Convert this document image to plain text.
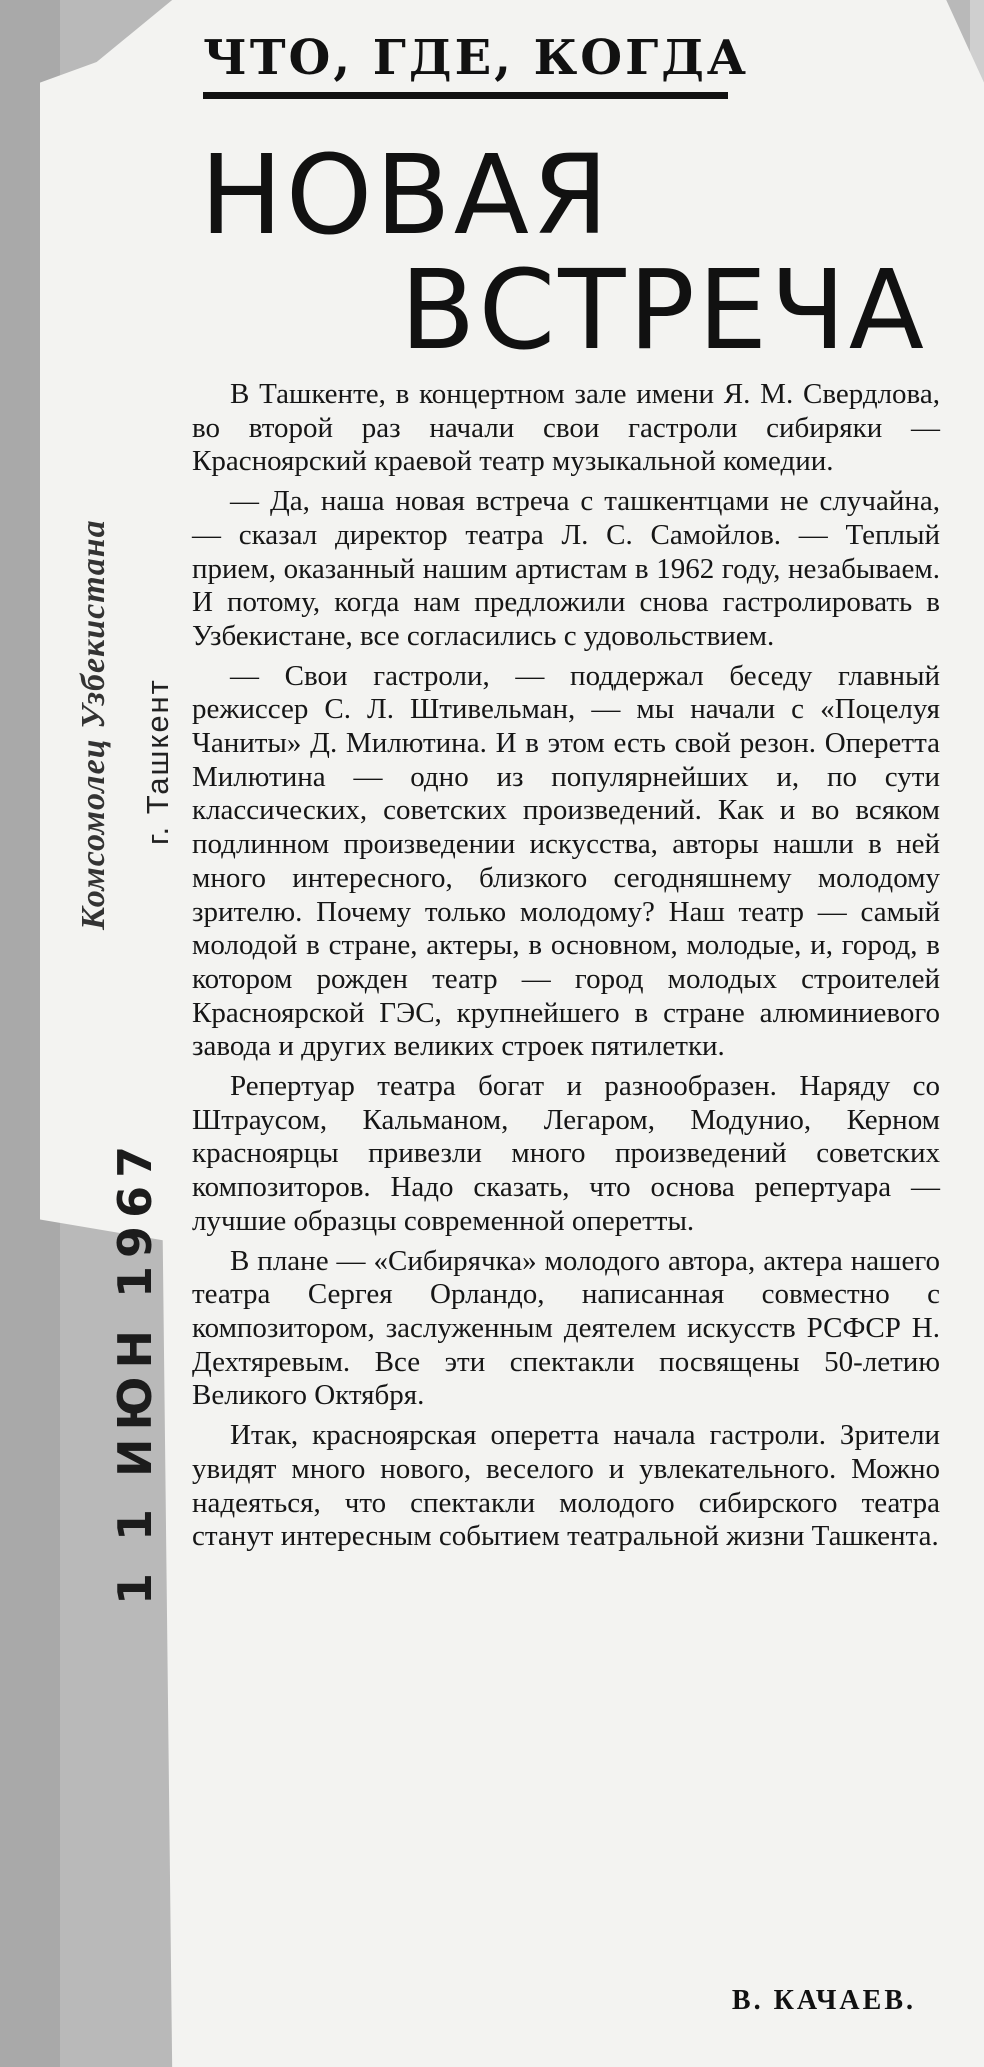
ЧТО, ГДЕ, КОГДА
НОВАЯ
ВСТРЕЧА
Комсомолец Узбекистана г. Ташкент
1 1 ИЮН 1967

В Ташкенте, в концертном зале имени Я. М. Свердлова, во второй раз начали свои гастроли сибиряки — Красноярский краевой театр музыкальной комедии.

— Да, наша новая встреча с ташкентцами не случайна, — сказал директор театра Л. С. Самойлов. — Теплый прием, оказанный нашим артистам в 1962 году, незабываем. И потому, когда нам предложили снова гастролировать в Узбекистане, все согласились с удовольствием.

— Свои гастроли, — поддержал беседу главный режиссер С. Л. Штивельман, — мы начали с «Поцелуя Чаниты» Д. Милютина. И в этом есть свой резон. Оперетта Милютина — одно из популярнейших и, по сути классических, советских произведений. Как и во всяком подлинном произведении искусства, авторы нашли в ней много интересного, близкого сегодняшнему молодому зрителю. Почему только молодому? Наш театр — самый молодой в стране, актеры, в основном, молодые, и, город, в котором рожден театр — город молодых строителей Красноярской ГЭС, крупнейшего в стране алюминиевого завода и других великих строек пятилетки.

Репертуар театра богат и разнообразен. Наряду со Штраусом, Кальманом, Легаром, Модунио, Керном красноярцы привезли много произведений советских композиторов. Надо сказать, что основа репертуара — лучшие образцы современной оперетты.

В плане — «Сибирячка» молодого автора, актера нашего театра Сергея Орландо, написанная совместно с композитором, заслуженным деятелем искусств РСФСР Н. Дехтяревым. Все эти спектакли посвящены 50-летию Великого Октября.

Итак, красноярская оперетта начала гастроли. Зрители увидят много нового, веселого и увлекательного. Можно надеяться, что спектакли молодого сибирского театра станут интересным событием театральной жизни Ташкента.

В. КАЧАЕВ.
